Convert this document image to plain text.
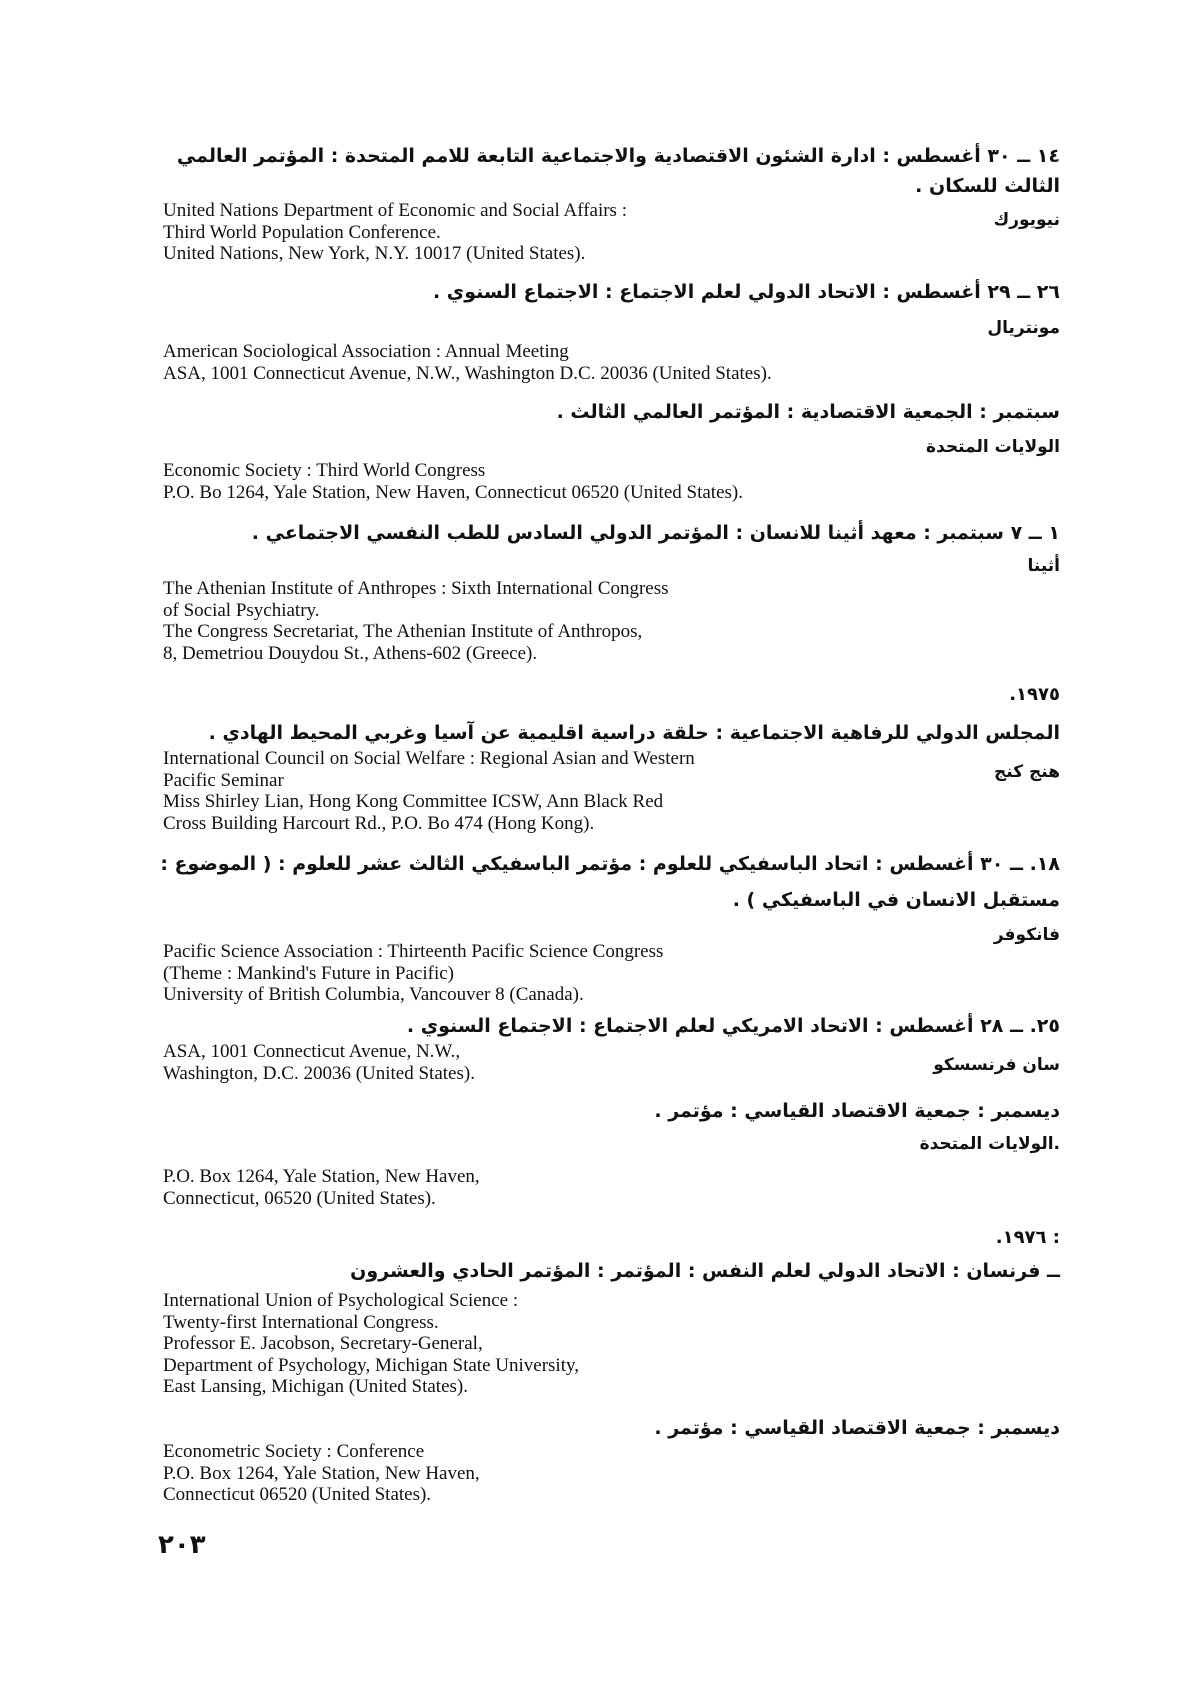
١٤ ــ ٣٠ أغسطس : ادارة الشئون الاقتصادية والاجتماعية التابعة للامم المتحدة : المؤتمر العالمي
الثالث للسكان .
نيويورك
United Nations Department of Economic and Social Affairs :
Third World Population Conference.
United Nations, New York, N.Y. 10017 (United States).
٢٦ ــ ٢٩ أغسطس : الاتحاد الدولي لعلم الاجتماع : الاجتماع السنوي .
مونتريال
American Sociological Association : Annual Meeting
ASA, 1001 Connecticut Avenue, N.W., Washington D.C. 20036 (United States).
سبتمبر : الجمعية الاقتصادية : المؤتمر العالمي الثالث .
الولايات المتحدة
Economic Society : Third World Congress
P.O. Bo 1264, Yale Station, New Haven, Connecticut 06520 (United States).
١ ــ ٧ سبتمبر : معهد أثينا للانسان : المؤتمر الدولي السادس للطب النفسي الاجتماعي .
أثينا
The Athenian Institute of Anthropes : Sixth International Congress
of Social Psychiatry.
The Congress Secretariat, The Athenian Institute of Anthropos,
8, Demetriou Douydou St., Athens-602 (Greece).
١٩٧٥.
المجلس الدولي للرفاهية الاجتماعية : حلقة دراسية اقليمية عن آسيا وغربي المحيط الهادي .
هنج كنج
International Council on Social Welfare : Regional Asian and Western
Pacific Seminar
Miss Shirley Lian, Hong Kong Committee ICSW, Ann Black Red
Cross Building Harcourt Rd., P.O. Bo 474 (Hong Kong).
١٨. ــ ٣٠ أغسطس : اتحاد الباسفيكي للعلوم : مؤتمر الباسفيكي الثالث عشر للعلوم : ( الموضوع :
مستقبل الانسان في الباسفيكي ) .
فانكوفر
Pacific Science Association : Thirteenth Pacific Science Congress
(Theme : Mankind's Future in Pacific)
University of British Columbia, Vancouver 8 (Canada).
٢٥. ــ ٢٨ أغسطس : الاتحاد الامريكي لعلم الاجتماع : الاجتماع السنوي .
سان فرنسسكو
ASA, 1001 Connecticut Avenue, N.W.,
Washington, D.C. 20036 (United States).
ديسمبر : جمعية الاقتصاد القياسي : مؤتمر .
.الولايات المتحدة
P.O. Box 1264, Yale Station, New Haven,
Connecticut, 06520 (United States).
: ١٩٧٦.
ــ فرنسان : الاتحاد الدولي لعلم النفس : المؤتمر : المؤتمر الحادي والعشرون
International Union of Psychological Science :
Twenty-first International Congress.
Professor E. Jacobson, Secretary-General,
Department of Psychology, Michigan State University,
East Lansing, Michigan (United States).
ديسمبر : جمعية الاقتصاد القياسي : مؤتمر .
Econometric Society : Conference
P.O. Box 1264, Yale Station, New Haven,
Connecticut 06520 (United States).
٢٠٣
